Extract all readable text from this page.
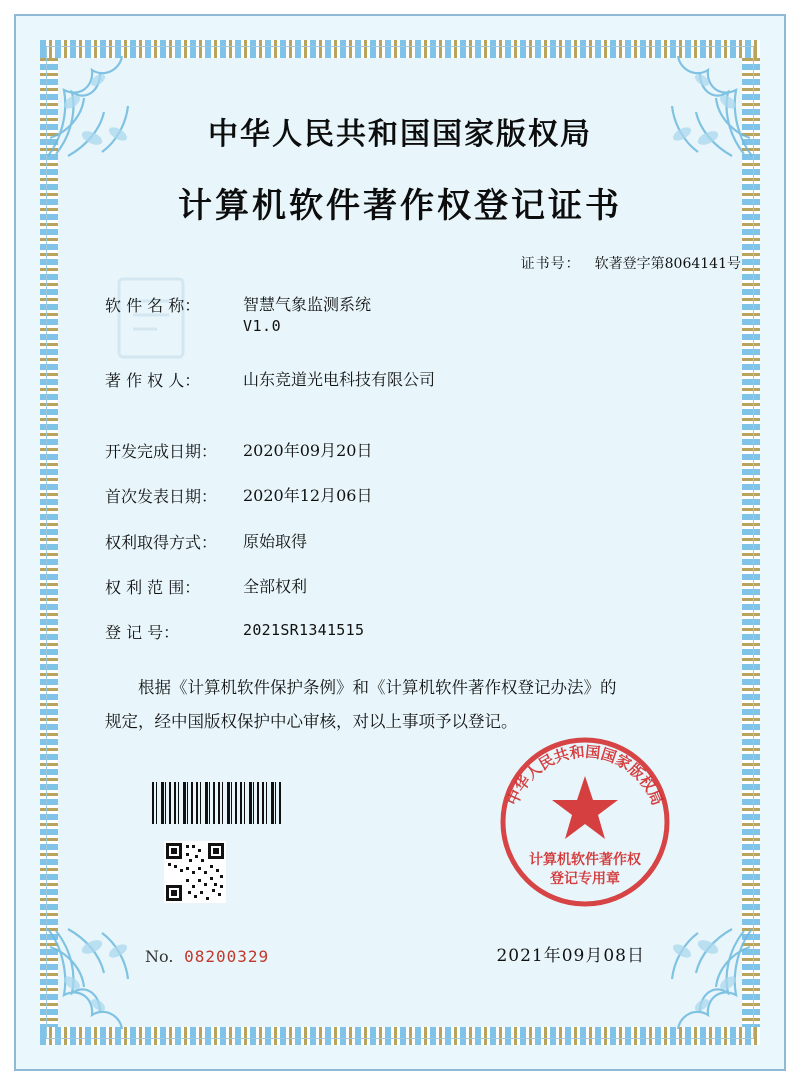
中华人民共和国国家版权局
计算机软件著作权登记证书
证书号： 软著登字第8064141号
软 件 名 称：	智慧气象监测系统
V1.0
著 作 权 人：	山东竞道光电科技有限公司
开发完成日期：	2020年09月20日
首次发表日期：	2020年12月06日
权利取得方式：	原始取得
权 利 范 围：	全部权利
登 记 号：	2021SR1341515
根据《计算机软件保护条例》和《计算机软件著作权登记办法》的
规定，经中国版权保护中心审核，对以上事项予以登记。
中华人民共和国国家版权局
计算机软件著作权
登记专用章
No. 08200329	2021年09月08日
